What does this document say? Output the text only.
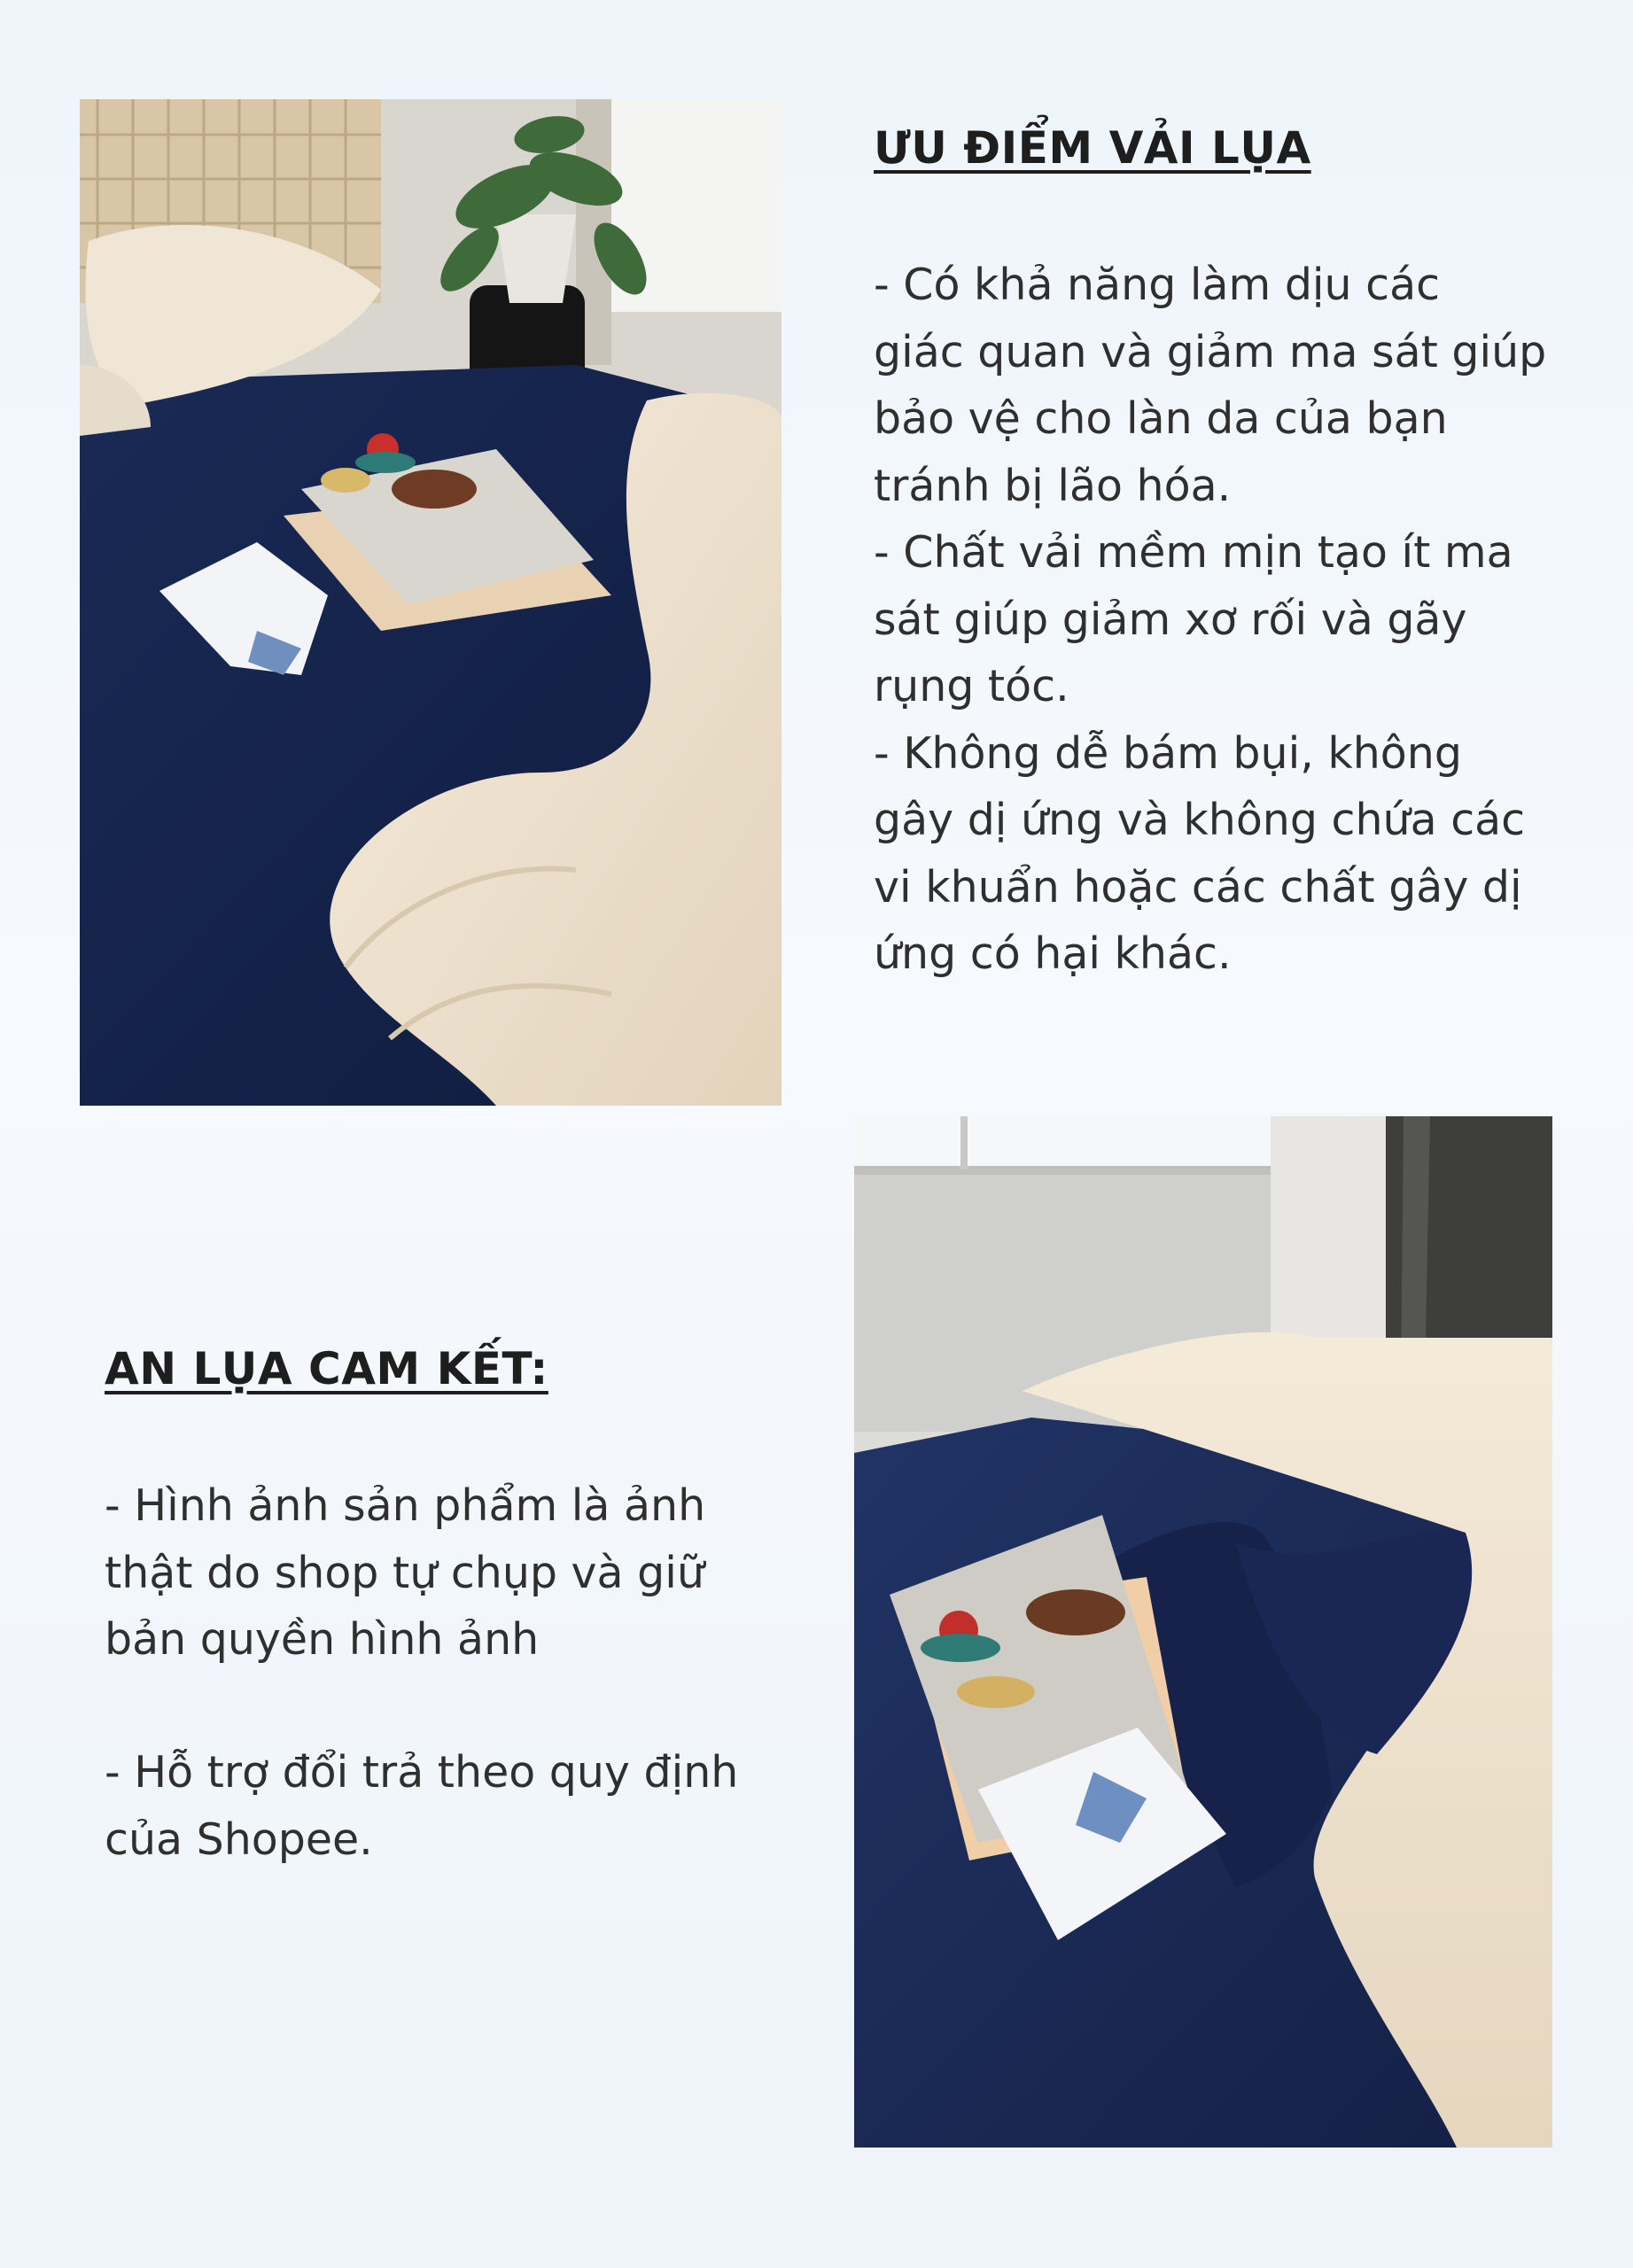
ƯU ĐIỂM VẢI LỤA

- Có khả năng làm dịu các
giác quan và giảm ma sát giúp
bảo vệ cho làn da của bạn
tránh bị lão hóa.
- Chất vải mềm mịn tạo ít ma
sát giúp giảm xơ rối và gãy
rụng tóc.
- Không dễ bám bụi, không
gây dị ứng và không chứa các
vi khuẩn hoặc các chất gây dị
ứng có hại khác.

AN LỤA CAM KẾT:

- Hình ảnh sản phẩm là ảnh
thật do shop tự chụp và giữ
bản quyền hình ảnh

- Hỗ trợ đổi trả theo quy định
của Shopee.
